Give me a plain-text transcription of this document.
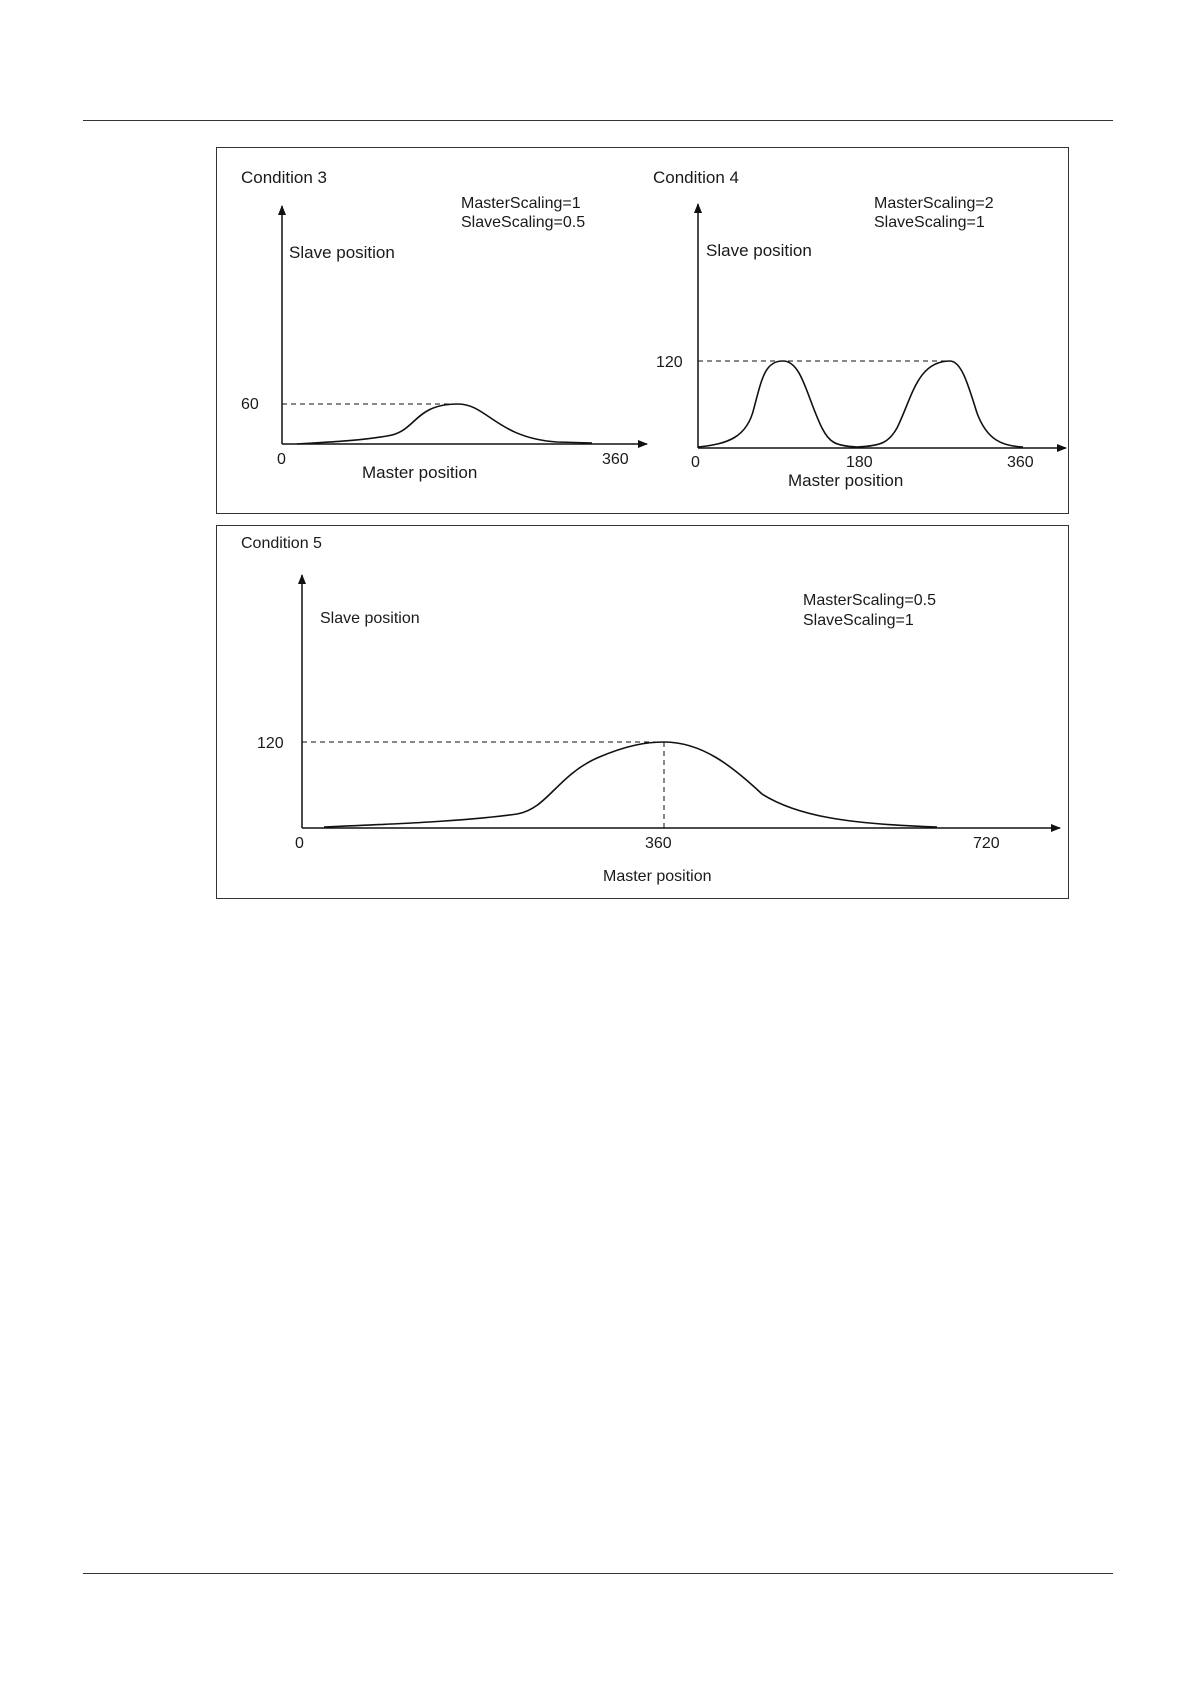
Condition 3
MasterScaling=1
SlaveScaling=0.5
Slave position
60
0	360
Master position
Condition 4
MasterScaling=2
SlaveScaling=1
Slave position
120
0	180	360
Master position
Condition 5
MasterScaling=0.5
SlaveScaling=1
Slave position
120
0	360	720
Master position
